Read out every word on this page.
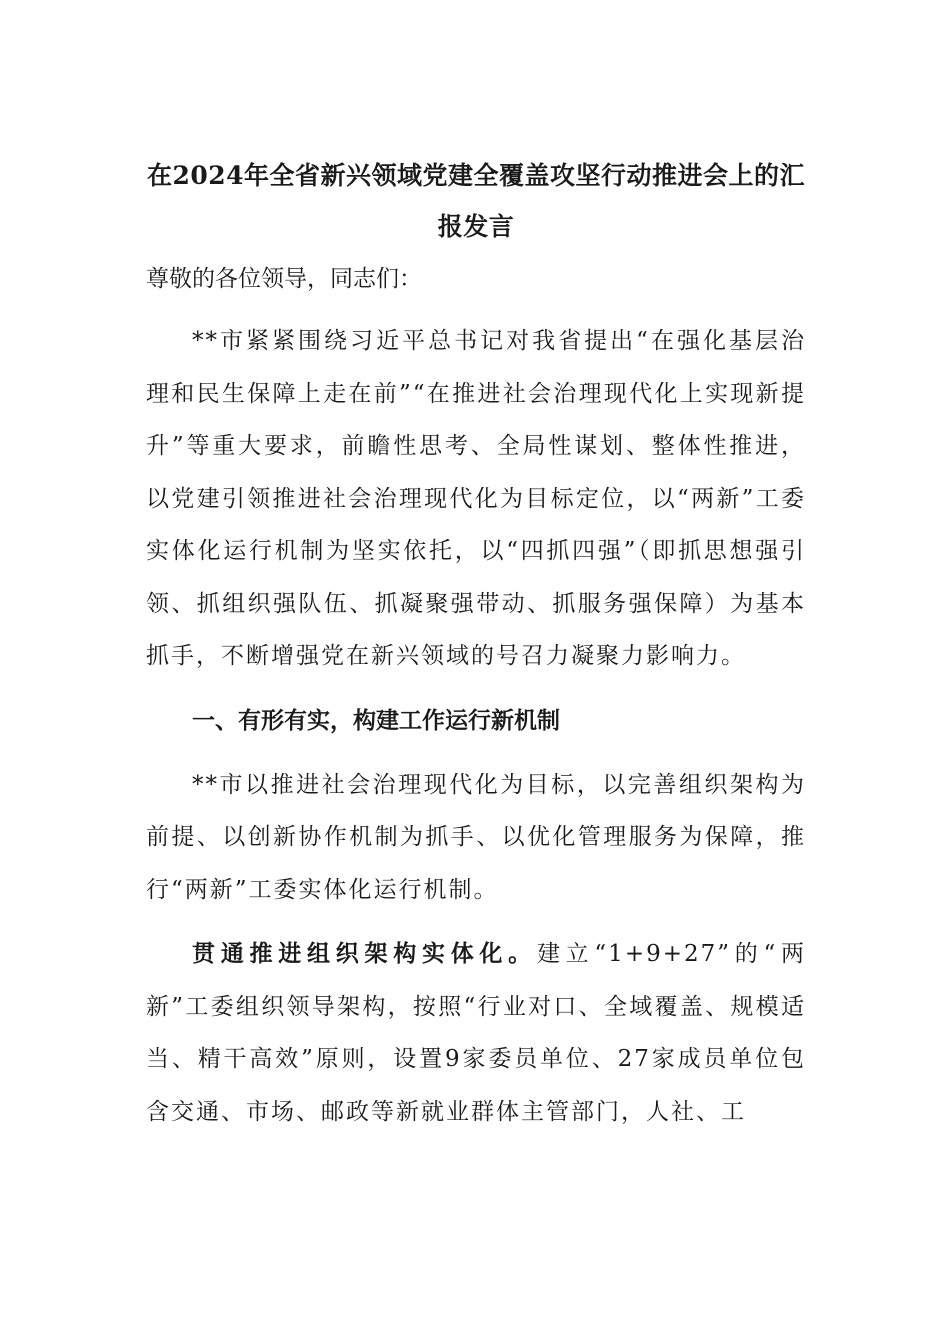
在2024年全省新兴领域党建全覆盖攻坚行动推进会上的汇报发言
尊敬的各位领导，同志们：

**市紧紧围绕习近平总书记对我省提出“在强化基层治理和民生保障上走在前”“在推进社会治理现代化上实现新提升”等重大要求，前瞻性思考、全局性谋划、整体性推进，以党建引领推进社会治理现代化为目标定位，以“两新”工委实体化运行机制为坚实依托，以“四抓四强”（即抓思想强引领、抓组织强队伍、抓凝聚强带动、抓服务强保障）为基本抓手，不断增强党在新兴领域的号召力凝聚力影响力。

一、有形有实，构建工作运行新机制

**市以推进社会治理现代化为目标，以完善组织架构为前提、以创新协作机制为抓手、以优化管理服务为保障，推行“两新”工委实体化运行机制。

贯通推进组织架构实体化。建立“1+9+27”的“两新”工委组织领导架构，按照“行业对口、全域覆盖、规模适当、精干高效”原则，设置9家委员单位、27家成员单位包含交通、市场、邮政等新就业群体主管部门，人社、工
